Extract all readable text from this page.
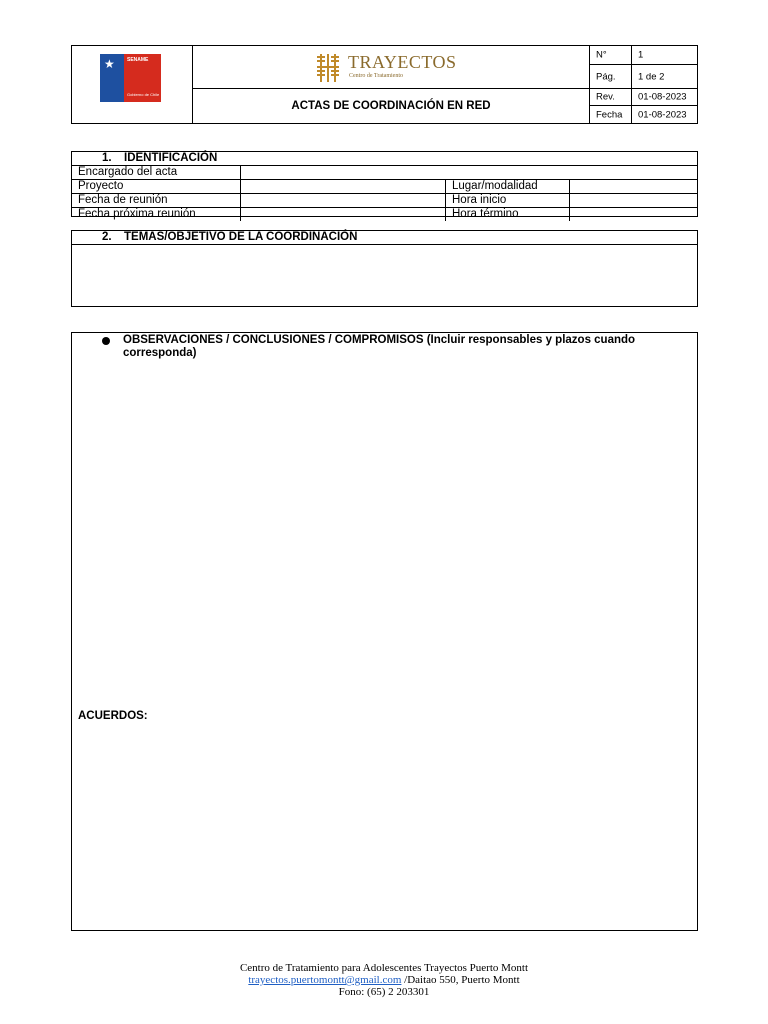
★ SENAME
Gobierno de Chile
TRAYECTOS
Centro de Tratamiento
ACTAS DE COORDINACIÓN EN RED
N°	1
Pág. 1 de 2
Rev. 01-08-2023
Fecha 01-08-2023
1. IDENTIFICACIÓN
Encargado del acta
Proyecto	Lugar/modalidad
Fecha de reunión	Hora inicio
Fecha próxima reunión	Hora término
2. TEMAS/OBJETIVO DE LA COORDINACIÓN
OBSERVACIONES / CONCLUSIONES / COMPROMISOS (Incluir responsables y plazos cuando corresponda)
ACUERDOS:
Centro de Tratamiento para Adolescentes Trayectos Puerto Montt
trayectos.puertomontt@gmail.com /Daitao 550, Puerto Montt
Fono: (65) 2 203301
